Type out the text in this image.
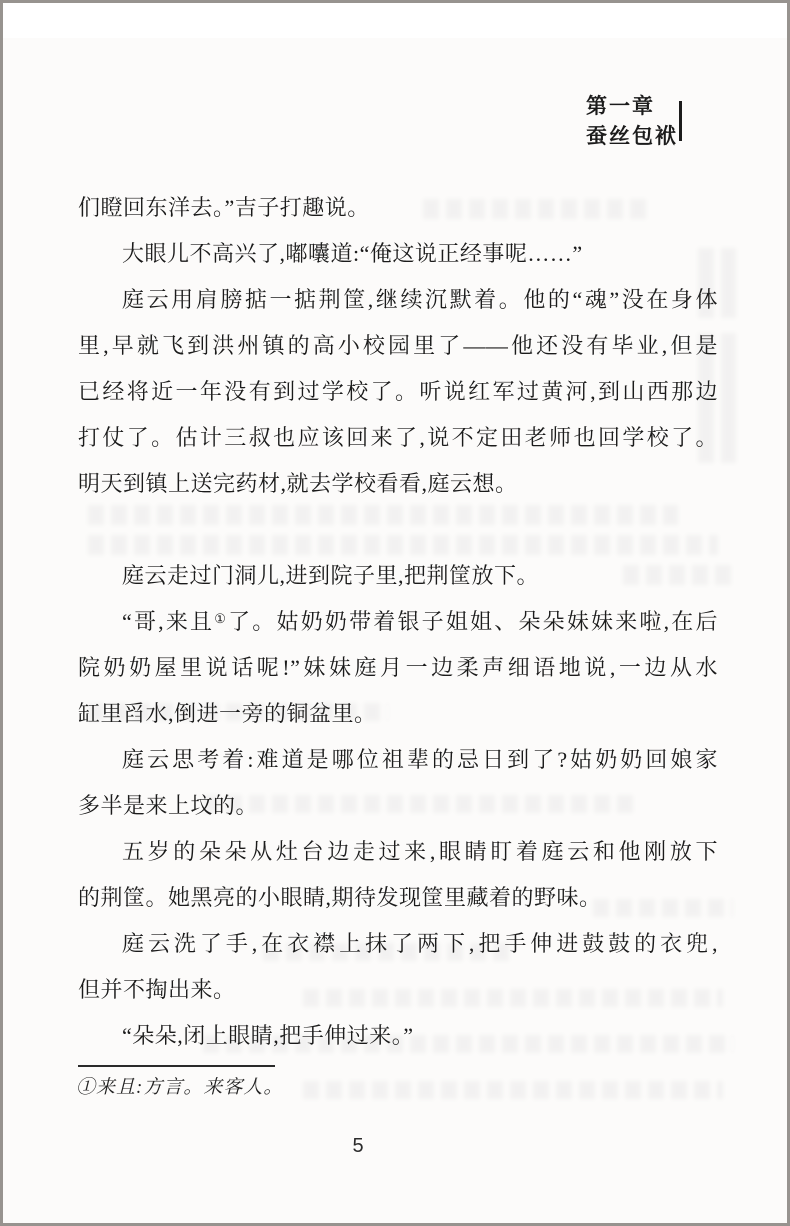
第一章
蚕丝包袱
们瞪回东洋去。”吉子打趣说。
大眼儿不高兴了,嘟囔道:“俺这说正经事呢……”
庭云用肩膀掂一掂荆筐,继续沉默着。他的“魂”没在身体
里,早就飞到洪州镇的高小校园里了——他还没有毕业,但是
已经将近一年没有到过学校了。听说红军过黄河,到山西那边
打仗了。估计三叔也应该回来了,说不定田老师也回学校了。
明天到镇上送完药材,就去学校看看,庭云想。
庭云走过门洞儿,进到院子里,把荆筐放下。
“哥,来且①了。姑奶奶带着银子姐姐、朵朵妹妹来啦,在后
院奶奶屋里说话呢!”妹妹庭月一边柔声细语地说,一边从水
缸里舀水,倒进一旁的铜盆里。
庭云思考着:难道是哪位祖辈的忌日到了?姑奶奶回娘家
多半是来上坟的。
五岁的朵朵从灶台边走过来,眼睛盯着庭云和他刚放下
的荆筐。她黑亮的小眼睛,期待发现筐里藏着的野味。
庭云洗了手,在衣襟上抹了两下,把手伸进鼓鼓的衣兜,
但并不掏出来。
“朵朵,闭上眼睛,把手伸过来。”
①来且:方言。来客人。
5
